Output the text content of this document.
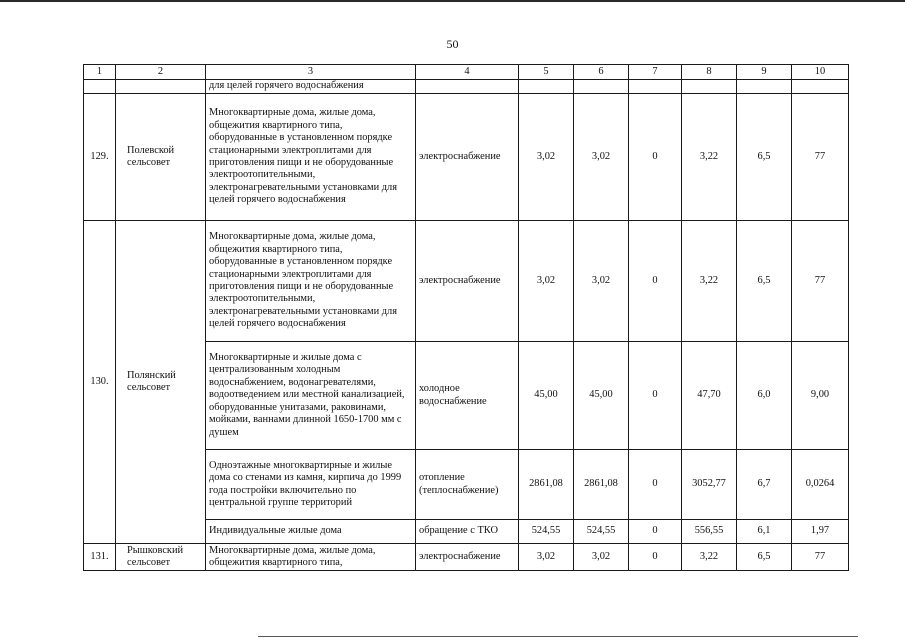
50
1	2	3	4	5	6	7	8	9	10
		для целей горячего водоснабжения							
129.	Полевской сельсовет	Многоквартирные дома, жилые дома, общежития квартирного типа, оборудованные в установленном порядке стационарными электроплитами для приготовления пищи и не оборудованные электроотопительными, электронагревательными установками для целей горячего водоснабжения	электроснабжение	3,02	3,02	0	3,22	6,5	77
130.	Полянский сельсовет	Многоквартирные дома, жилые дома, общежития квартирного типа, оборудованные в установленном порядке стационарными электроплитами для приготовления пищи и не оборудованные электроотопительными, электронагревательными установками для целей горячего водоснабжения	электроснабжение	3,02	3,02	0	3,22	6,5	77
		Многоквартирные и жилые дома с централизованным холодным водоснабжением, водонагревателями, водоотведением или местной канализацией, оборудованные унитазами, раковинами, мойками, ваннами длинной 1650-1700 мм с душем	холодное водоснабжение	45,00	45,00	0	47,70	6,0	9,00
		Одноэтажные многоквартирные и жилые дома со стенами из камня, кирпича до 1999 года постройки включительно по центральной группе территорий	отопление (теплоснабжение)	2861,08	2861,08	0	3052,77	6,7	0,0264
		Индивидуальные жилые дома	обращение с ТКО	524,55	524,55	0	556,55	6,1	1,97
131.	Рышковский сельсовет	Многоквартирные дома, жилые дома, общежития квартирного типа,	электроснабжение	3,02	3,02	0	3,22	6,5	77
